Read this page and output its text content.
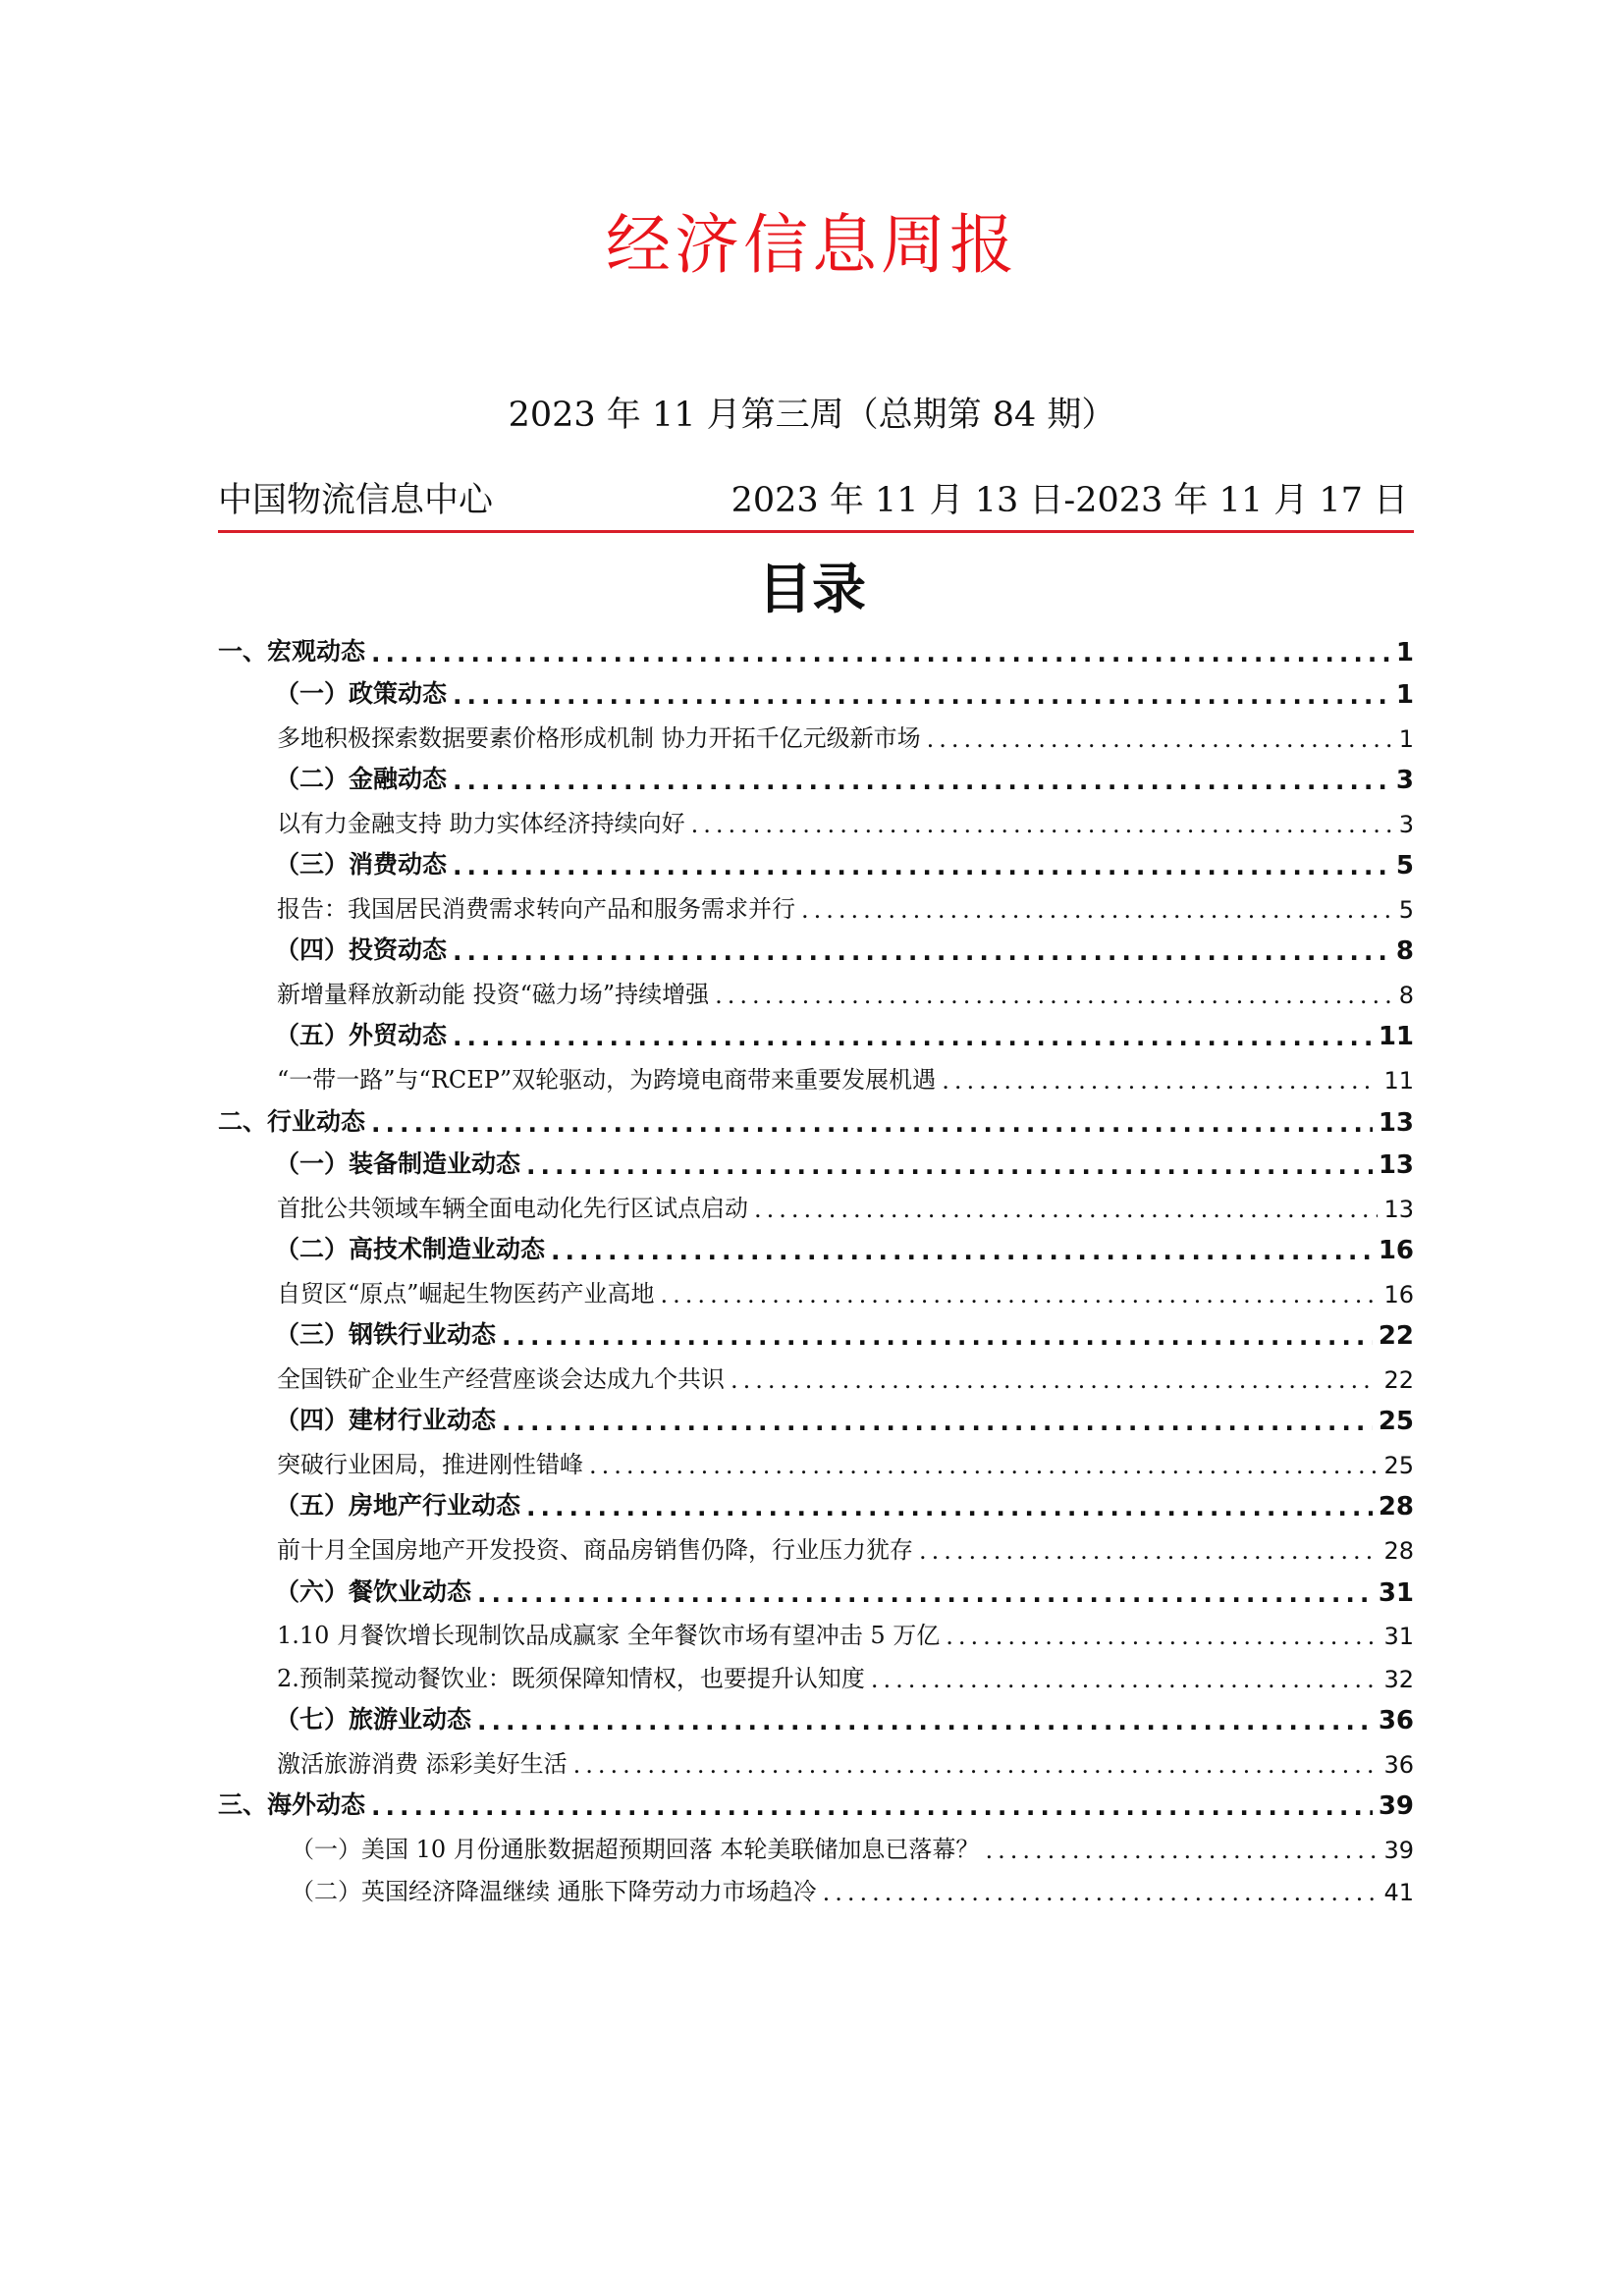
经济信息周报
2023 年 11 月第三周（总期第 84 期）
中国物流信息中心	2023 年 11 月 13 日-2023 年 11 月 17 日
目录
一、宏观动态 .....	1
（一）政策动态 .....	1
多地积极探索数据要素价格形成机制 协力开拓千亿元级新市场 .....	1
（二）金融动态 .....	3
以有力金融支持 助力实体经济持续向好 .....	3
（三）消费动态 .....	5
报告：我国居民消费需求转向产品和服务需求并行 .....	5
（四）投资动态 .....	8
新增量释放新动能 投资“磁力场”持续增强 .....	8
（五）外贸动态 .....	11
“一带一路”与“RCEP”双轮驱动，为跨境电商带来重要发展机遇 .....	11
二、行业动态 .....	13
（一）装备制造业动态 .....	13
首批公共领域车辆全面电动化先行区试点启动 .....	13
（二）高技术制造业动态 .....	16
自贸区“原点”崛起生物医药产业高地 .....	16
（三）钢铁行业动态 .....	22
全国铁矿企业生产经营座谈会达成九个共识 .....	22
（四）建材行业动态 .....	25
突破行业困局，推进刚性错峰 .....	25
（五）房地产行业动态 .....	28
前十月全国房地产开发投资、商品房销售仍降，行业压力犹存 .....	28
（六）餐饮业动态 .....	31
1.10 月餐饮增长现制饮品成赢家 全年餐饮市场有望冲击 5 万亿 .....	31
2.预制菜搅动餐饮业：既须保障知情权，也要提升认知度 .....	32
（七）旅游业动态 .....	36
激活旅游消费 添彩美好生活 .....	36
三、海外动态 .....	39
（一）美国 10 月份通胀数据超预期回落 本轮美联储加息已落幕？ .....	39
（二）英国经济降温继续 通胀下降劳动力市场趋冷 .....	41
